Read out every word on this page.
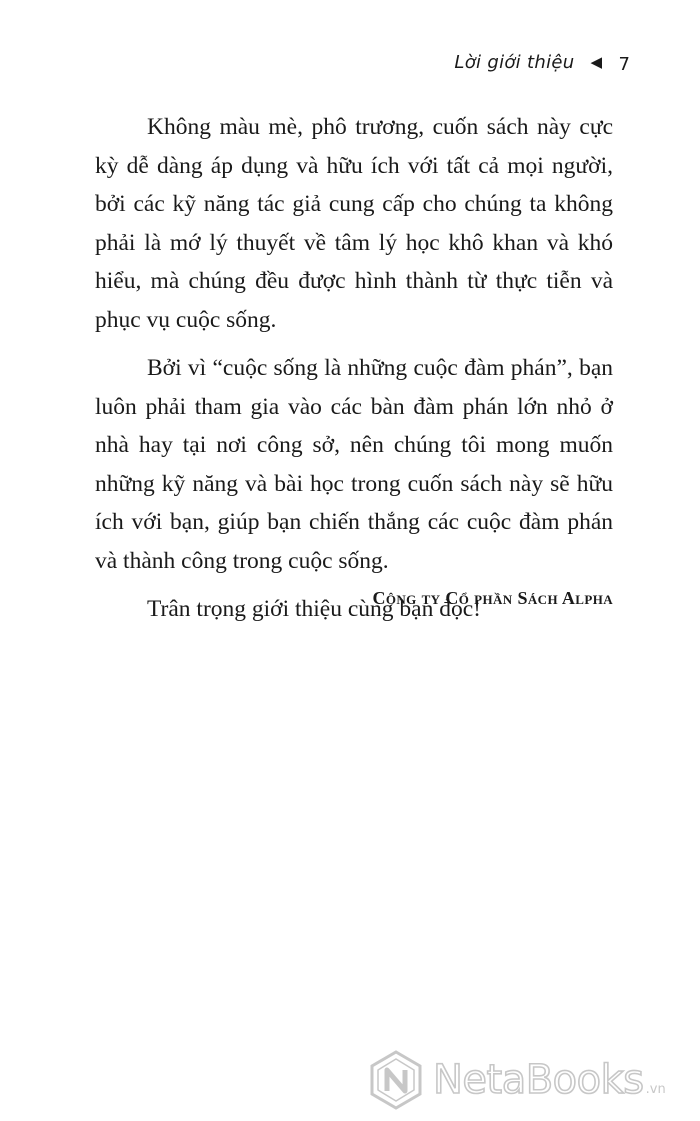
Lời giới thiệu ◀ 7

Không màu mè, phô trương, cuốn sách này cực kỳ dễ dàng áp dụng và hữu ích với tất cả mọi người, bởi các kỹ năng tác giả cung cấp cho chúng ta không phải là mớ lý thuyết về tâm lý học khô khan và khó hiểu, mà chúng đều được hình thành từ thực tiễn và phục vụ cuộc sống.

Bởi vì “cuộc sống là những cuộc đàm phán”, bạn luôn phải tham gia vào các bàn đàm phán lớn nhỏ ở nhà hay tại nơi công sở, nên chúng tôi mong muốn những kỹ năng và bài học trong cuốn sách này sẽ hữu ích với bạn, giúp bạn chiến thắng các cuộc đàm phán và thành công trong cuộc sống.

Trân trọng giới thiệu cùng bạn đọc!

Công ty Cổ phần Sách Alpha
NetaBooks .vn
